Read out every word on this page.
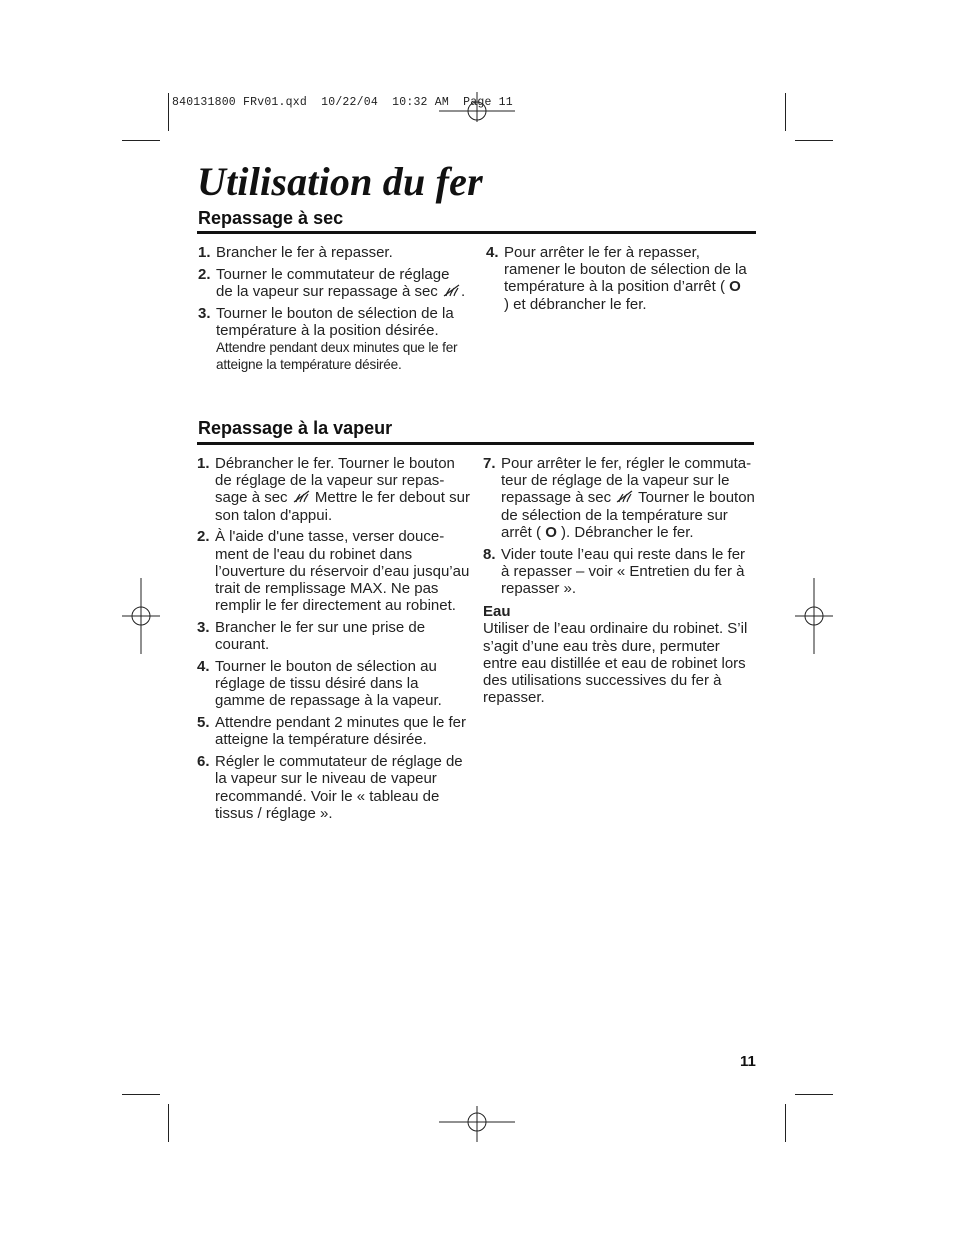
840131800 FRv01.qxd  10/22/04  10:32 AM  Page 11
Utilisation du fer
Repassage à sec
1. Brancher le fer à repasser.
2. Tourner le commutateur de réglage
de la vapeur sur repassage à sec .
3. Tourner le bouton de sélection de la température à la position désirée. Attendre pendant deux minutes que le fer atteigne la température désirée.
4. Pour arrêter le fer à repasser, ramener le bouton de sélection de la température à la position d’arrêt ( O ) et débrancher le fer.
Repassage à la vapeur
1. Débrancher le fer. Tourner le bouton de réglage de la vapeur sur repassage à sec Mettre le fer debout sur son talon d'appui.
2. À l'aide d'une tasse, verser doucement de l'eau du robinet dans l’ouverture du réservoir d’eau jusqu’au trait de remplissage MAX. Ne pas remplir le fer directement au robinet.
3. Brancher le fer sur une prise de courant.
4. Tourner le bouton de sélection au réglage de tissu désiré dans la gamme de repassage à la vapeur.
5. Attendre pendant 2 minutes que le fer atteigne la température désirée.
6. Régler le commutateur de réglage de la vapeur sur le niveau de vapeur recommandé. Voir le « tableau de tissus / réglage ».
7. Pour arrêter le fer, régler le commutateur de réglage de la vapeur sur le repassage à sec Tourner le bouton de sélection de la température sur arrêt ( O ). Débrancher le fer.
8. Vider toute l’eau qui reste dans le fer à repasser – voir « Entretien du fer à repasser ».
Eau
Utiliser de l’eau ordinaire du robinet. S’il s’agit d’une eau très dure, permuter entre eau distillée et eau de robinet lors des utilisations successives du fer à repasser.
11
